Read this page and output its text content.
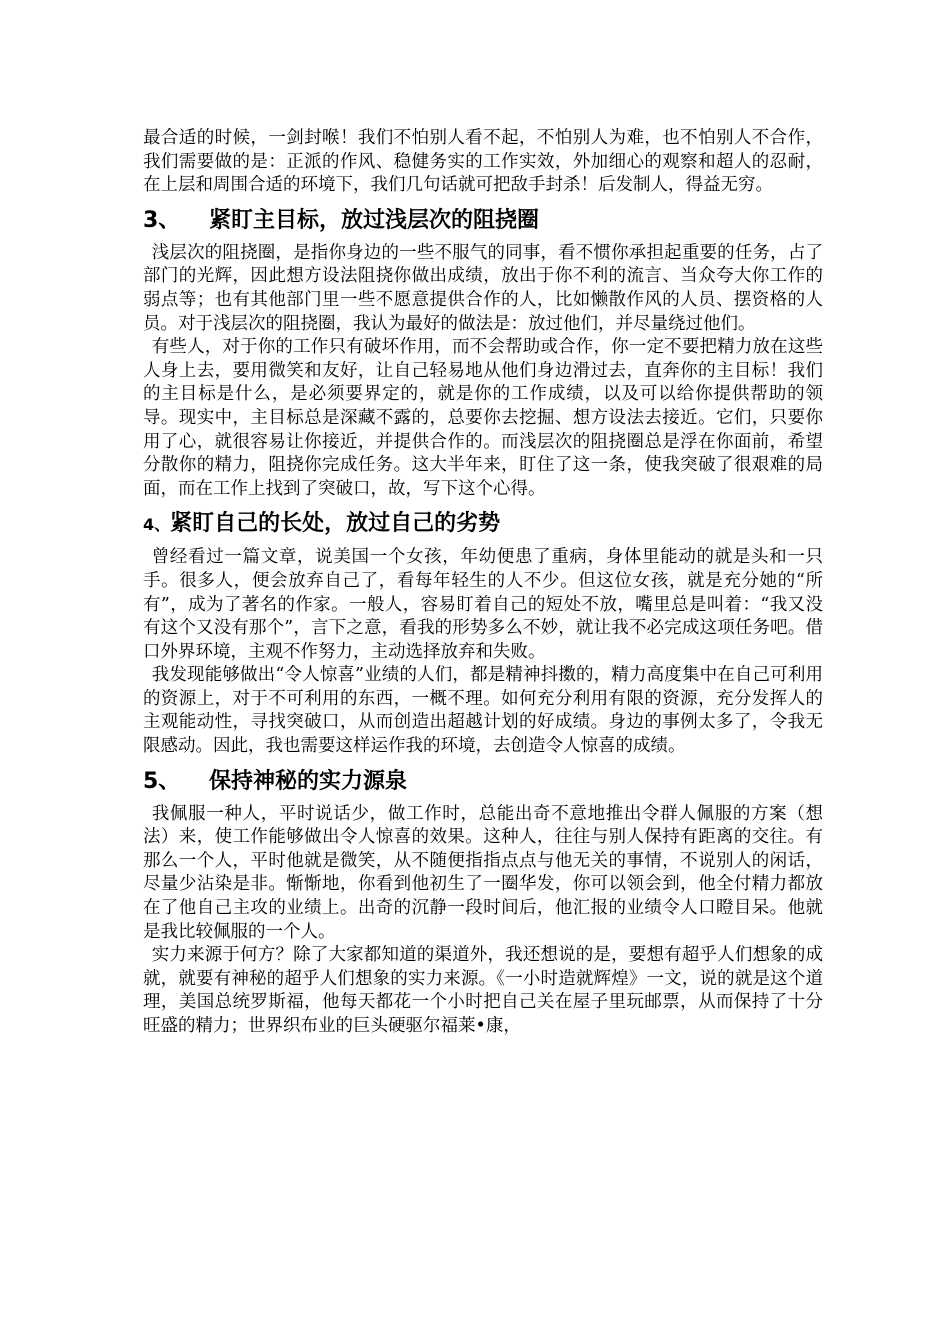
最合适的时候，一剑封喉！我们不怕别人看不起，不怕别人为难，也不怕别人不合作，我们需要做的是：正派的作风、稳健务实的工作实效，外加细心的观察和超人的忍耐，在上层和周围合适的环境下，我们几句话就可把敌手封杀！后发制人，得益无穷。

3、 紧盯主目标，放过浅层次的阻挠圈

浅层次的阻挠圈，是指你身边的一些不服气的同事，看不惯你承担起重要的任务，占了部门的光辉，因此想方设法阻挠你做出成绩，放出于你不利的流言、当众夸大你工作的弱点等；也有其他部门里一些不愿意提供合作的人，比如懒散作风的人员、摆资格的人员。对于浅层次的阻挠圈，我认为最好的做法是：放过他们，并尽量绕过他们。

有些人，对于你的工作只有破坏作用，而不会帮助或合作，你一定不要把精力放在这些人身上去，要用微笑和友好，让自己轻易地从他们身边滑过去，直奔你的主目标！我们的主目标是什么，是必须要界定的，就是你的工作成绩，以及可以给你提供帮助的领导。现实中，主目标总是深藏不露的，总要你去挖掘、想方设法去接近。它们，只要你用了心，就很容易让你接近，并提供合作的。而浅层次的阻挠圈总是浮在你面前，希望分散你的精力，阻挠你完成任务。这大半年来，盯住了这一条，使我突破了很艰难的局面，而在工作上找到了突破口，故，写下这个心得。

4、紧盯自己的长处，放过自己的劣势

曾经看过一篇文章，说美国一个女孩，年幼便患了重病，身体里能动的就是头和一只手。很多人，便会放弃自己了，看每年轻生的人不少。但这位女孩，就是充分她的“所有”，成为了著名的作家。一般人，容易盯着自己的短处不放，嘴里总是叫着：“我又没有这个又没有那个”，言下之意，看我的形势多么不妙，就让我不必完成这项任务吧。借口外界环境，主观不作努力，主动选择放弃和失败。

我发现能够做出“令人惊喜”业绩的人们，都是精神抖擞的，精力高度集中在自己可利用的资源上，对于不可利用的东西，一概不理。如何充分利用有限的资源，充分发挥人的主观能动性，寻找突破口，从而创造出超越计划的好成绩。身边的事例太多了，令我无限感动。因此，我也需要这样运作我的环境，去创造令人惊喜的成绩。

5、 保持神秘的实力源泉

我佩服一种人，平时说话少，做工作时，总能出奇不意地推出令群人佩服的方案（想法）来，使工作能够做出令人惊喜的效果。这种人，往往与别人保持有距离的交往。有那么一个人，平时他就是微笑，从不随便指指点点与他无关的事情，不说别人的闲话，尽量少沾染是非。惭惭地，你看到他初生了一圈华发，你可以领会到，他全付精力都放在了他自己主攻的业绩上。出奇的沉静一段时间后，他汇报的业绩令人口瞪目呆。他就是我比较佩服的一个人。

实力来源于何方？除了大家都知道的渠道外，我还想说的是，要想有超乎人们想象的成就，就要有神秘的超乎人们想象的实力来源。《一小时造就辉煌》一文，说的就是这个道理，美国总统罗斯福，他每天都花一个小时把自己关在屋子里玩邮票，从而保持了十分旺盛的精力；世界织布业的巨头硬驱尔福莱•康，
